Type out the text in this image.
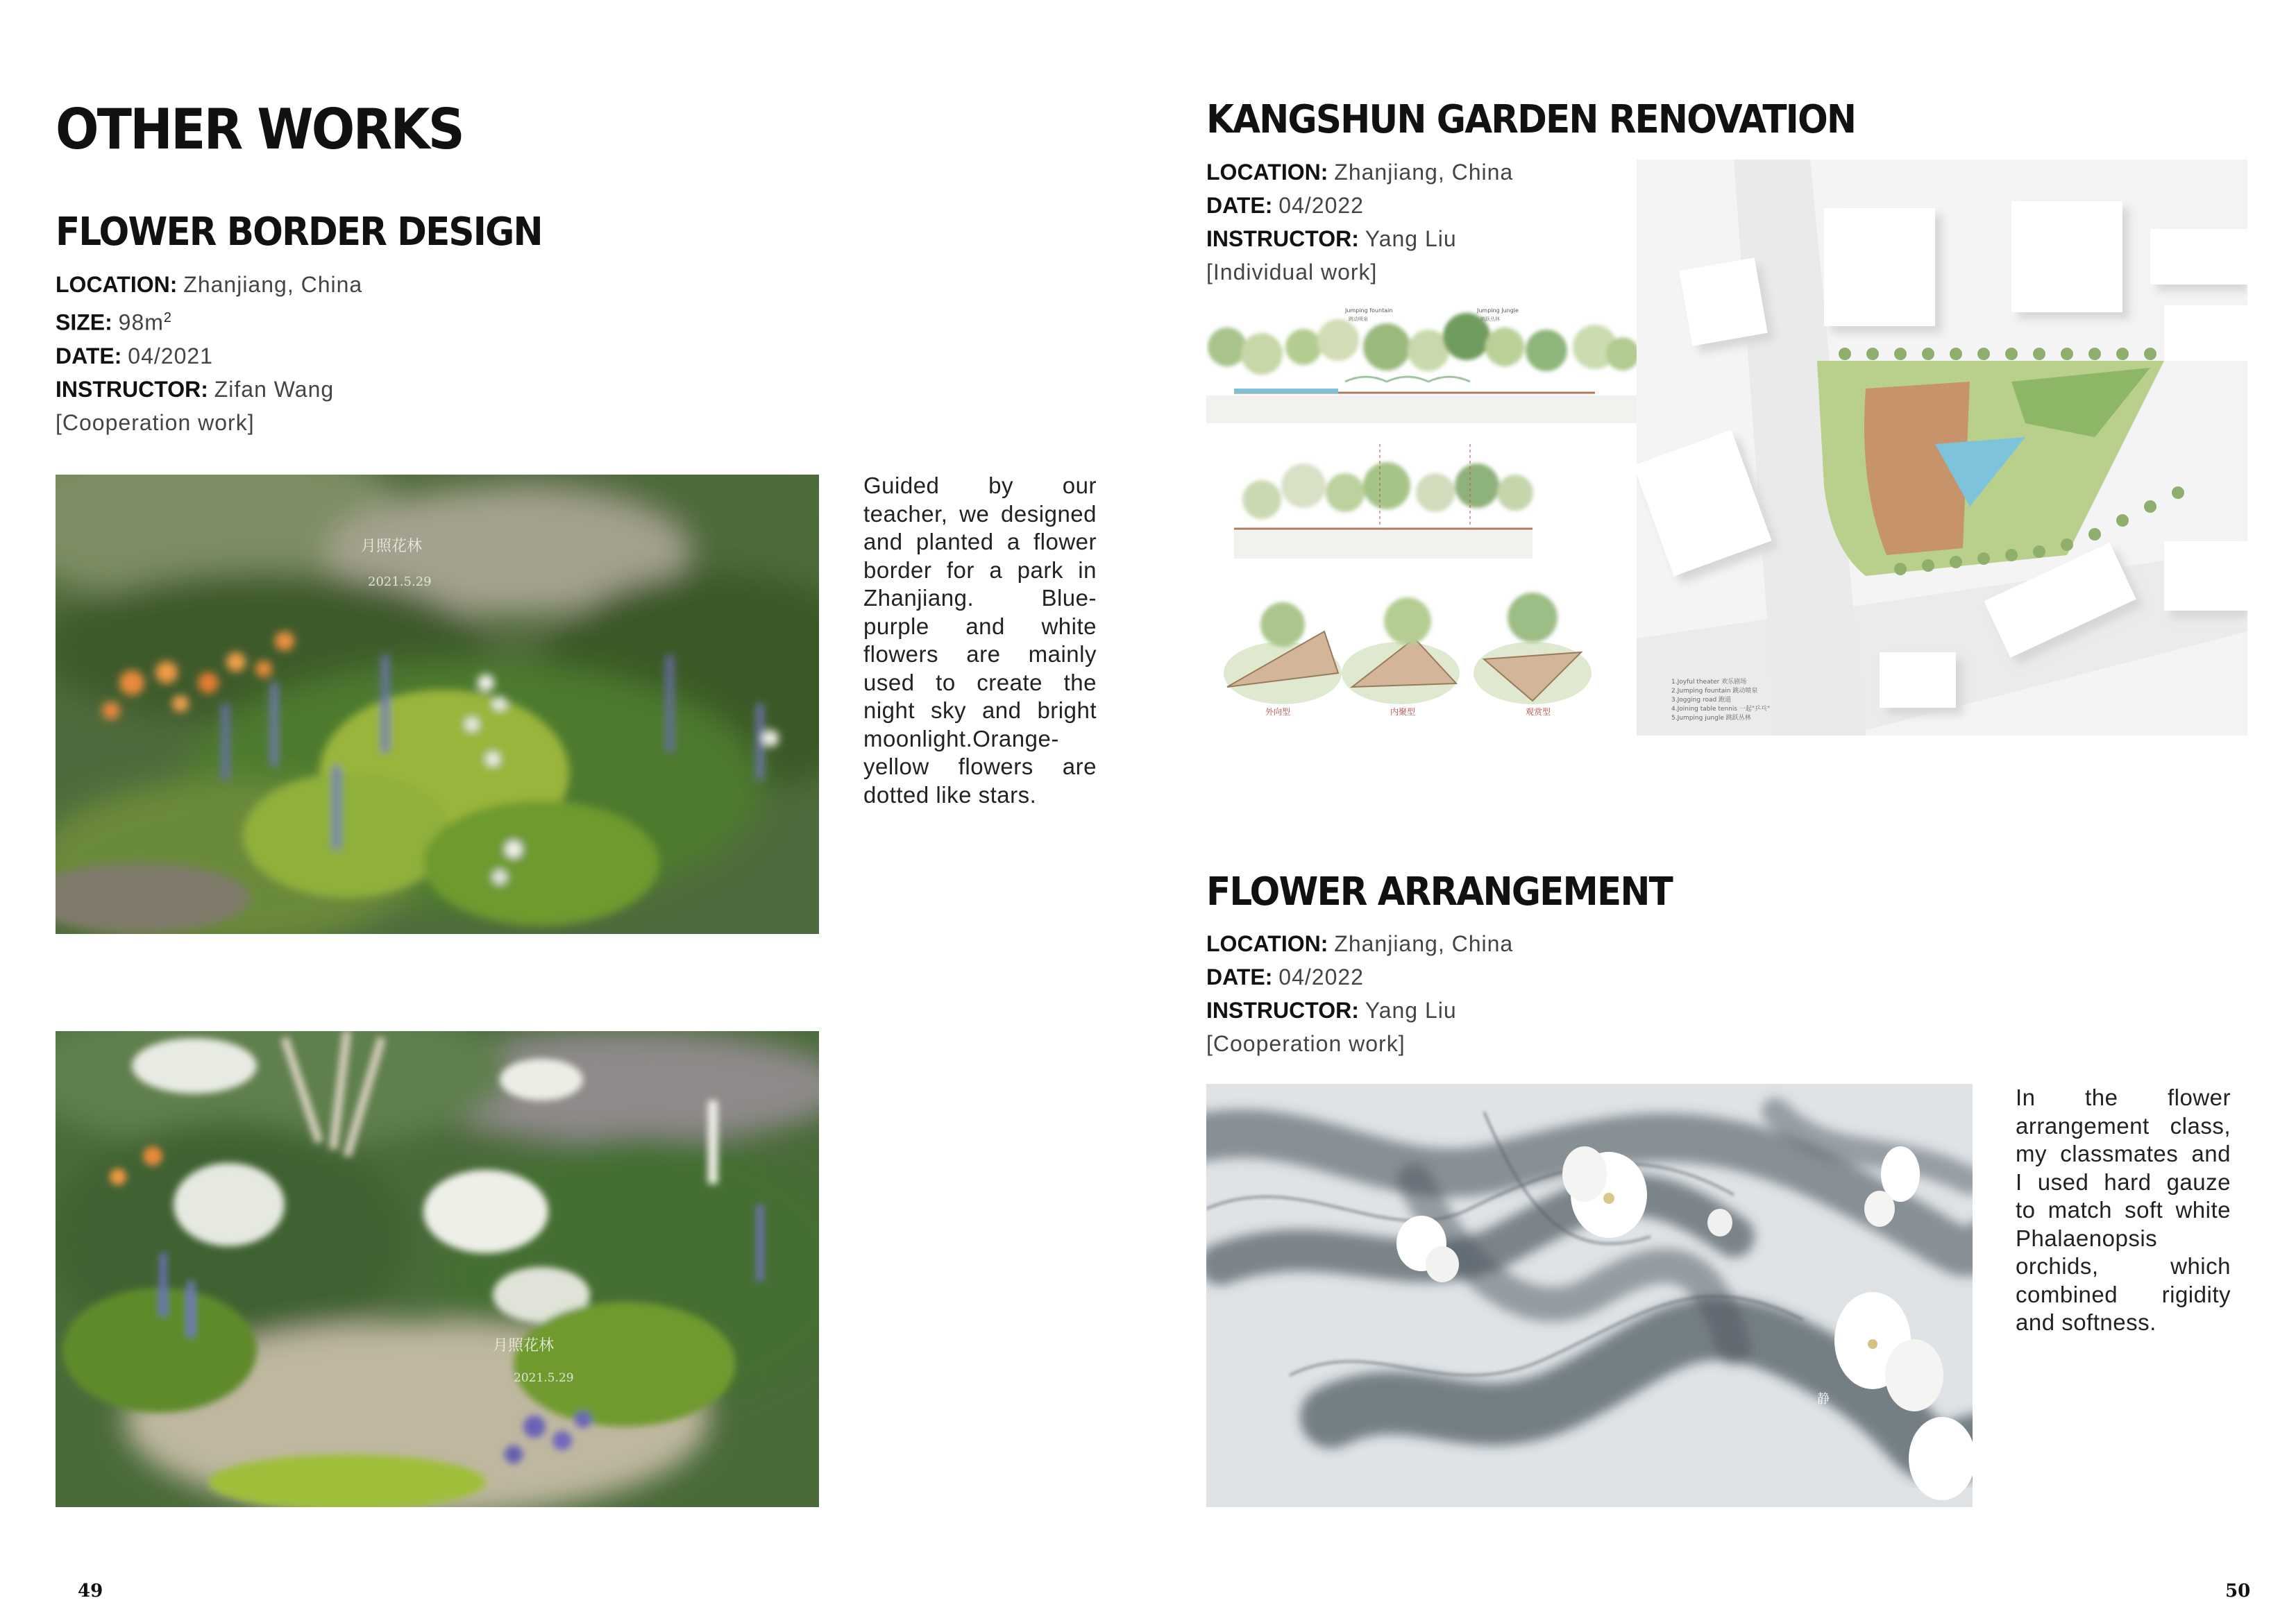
OTHER WORKS
FLOWER BORDER DESIGN
LOCATION: Zhanjiang, China
SIZE: $98m^2$
DATE: 04/2021
INSTRUCTOR: Zifan Wang
[Cooperation work]
月照花林
2021.5.29
Guided by our teacher, we designed and planted a flower border for a park in Zhanjiang. Blue-purple and white flowers are mainly used to create the night sky and bright moonlight.Orange-yellow flowers are dotted like stars.
月照花林
2021.5.29
49
KANGSHUN GARDEN RENOVATION
LOCATION: Zhanjiang, China
DATE: 04/2022
INSTRUCTOR: Yang Liu
[Individual work]
Jumping fountain
跳动喷泉
Jumping Jungle
跳跃丛林
外向型	内聚型	观赏型
1.Joyful theater 欢乐剧场
2.Jumping fountain 跳动喷泉
3.Jogging road 跑道
4.Joining table tennis 一起"乒乓"
5.Jumping jungle 跳跃丛林
FLOWER ARRANGEMENT
LOCATION: Zhanjiang, China
DATE: 04/2022
INSTRUCTOR: Yang Liu
[Cooperation work]
静
In the flower arrangement class, my classmates and I used hard gauze to match soft white Phalaenopsis orchids, which combined rigidity and softness.
50
